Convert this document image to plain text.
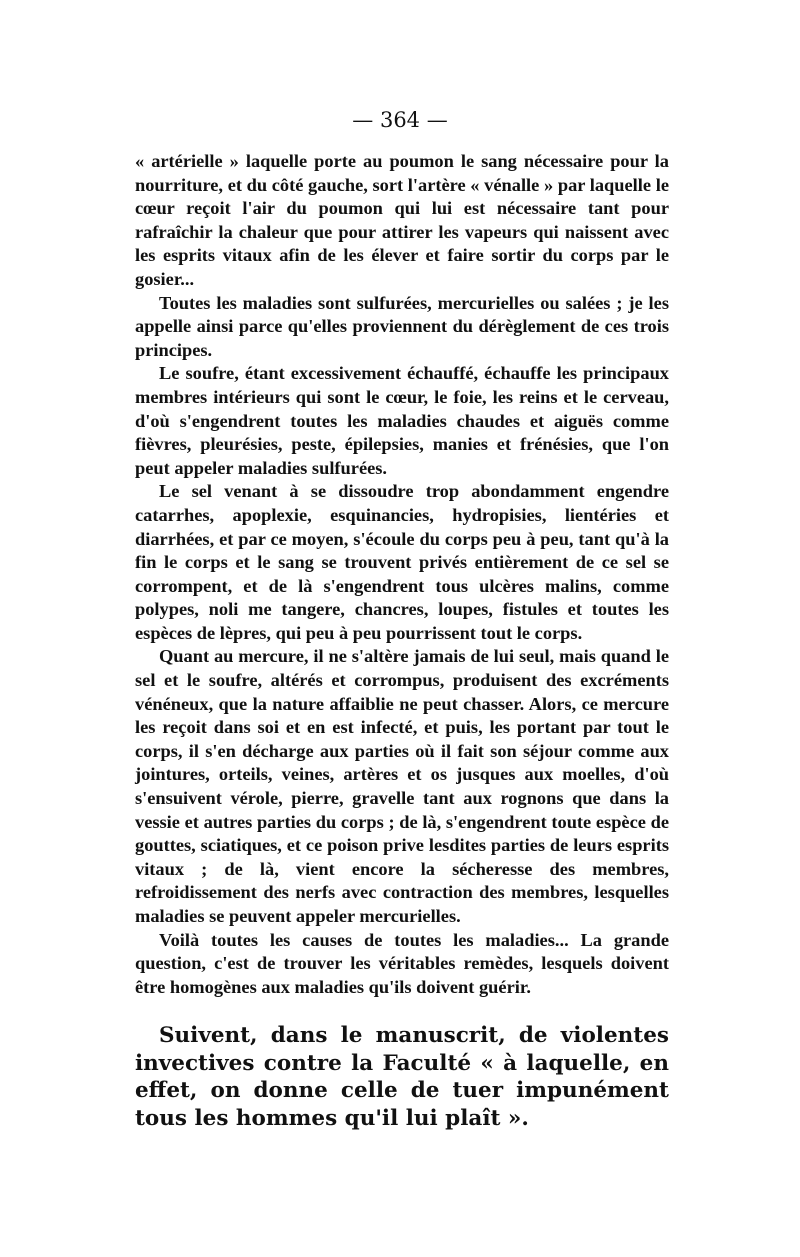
— 364 —

« artérielle » laquelle porte au poumon le sang nécessaire pour la nourriture, et du côté gauche, sort l'artère « vénalle » par laquelle le cœur reçoit l'air du poumon qui lui est nécessaire tant pour rafraîchir la chaleur que pour attirer les vapeurs qui naissent avec les esprits vitaux afin de les élever et faire sortir du corps par le gosier...

Toutes les maladies sont sulfurées, mercurielles ou salées ; je les appelle ainsi parce qu'elles proviennent du dérèglement de ces trois principes.

Le soufre, étant excessivement échauffé, échauffe les principaux membres intérieurs qui sont le cœur, le foie, les reins et le cerveau, d'où s'engendrent toutes les maladies chaudes et aiguës comme fièvres, pleurésies, peste, épilepsies, manies et frénésies, que l'on peut appeler maladies sulfurées.

Le sel venant à se dissoudre trop abondamment engendre catarrhes, apoplexie, esquinancies, hydropisies, lientéries et diarrhées, et par ce moyen, s'écoule du corps peu à peu, tant qu'à la fin le corps et le sang se trouvent privés entièrement de ce sel se corrompent, et de là s'engendrent tous ulcères malins, comme polypes, noli me tangere, chancres, loupes, fistules et toutes les espèces de lèpres, qui peu à peu pourrissent tout le corps.

Quant au mercure, il ne s'altère jamais de lui seul, mais quand le sel et le soufre, altérés et corrompus, produisent des excréments vénéneux, que la nature affaiblie ne peut chasser. Alors, ce mercure les reçoit dans soi et en est infecté, et puis, les portant par tout le corps, il s'en décharge aux parties où il fait son séjour comme aux jointures, orteils, veines, artères et os jusques aux moelles, d'où s'ensuivent vérole, pierre, gravelle tant aux rognons que dans la vessie et autres parties du corps ; de là, s'engendrent toute espèce de gouttes, sciatiques, et ce poison prive lesdites parties de leurs esprits vitaux ; de là, vient encore la sécheresse des membres, refroidissement des nerfs avec contraction des membres, lesquelles maladies se peuvent appeler mercurielles.

Voilà toutes les causes de toutes les maladies... La grande question, c'est de trouver les véritables remèdes, lesquels doivent être homogènes aux maladies qu'ils doivent guérir.

Suivent, dans le manuscrit, de violentes invectives contre la Faculté « à laquelle, en effet, on donne celle de tuer impunément tous les hommes qu'il lui plaît ».
